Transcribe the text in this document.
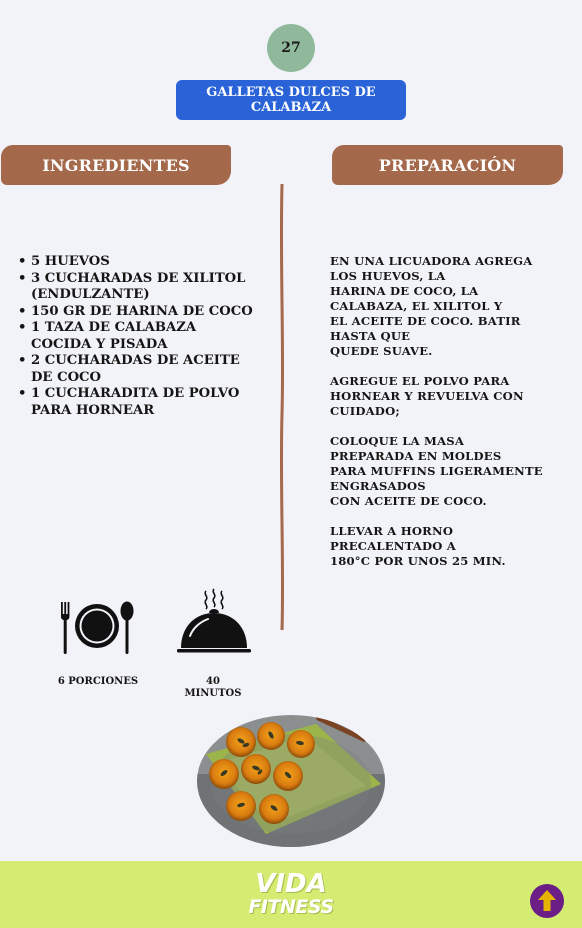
27
GALLETAS DULCES DE CALABAZA
INGREDIENTES	PREPARACIÓN
• 5 HUEVOS
• 3 CUCHARADAS DE XILITOL (ENDULZANTE)
• 150 GR DE HARINA DE COCO
• 1 TAZA DE CALABAZA COCIDA Y PISADA
• 2 CUCHARADAS DE ACEITE DE COCO
• 1 CUCHARADITA DE POLVO PARA HORNEAR

EN UNA LICUADORA AGREGA
LOS HUEVOS, LA
HARINA DE COCO, LA
CALABAZA, EL XILITOL Y
EL ACEITE DE COCO. BATIR
HASTA QUE
QUEDE SUAVE.

AGREGUE EL POLVO PARA
HORNEAR Y REVUELVA CON
CUIDADO;

COLOQUE LA MASA
PREPARADA EN MOLDES
PARA MUFFINS LIGERAMENTE
ENGRASADOS
CON ACEITE DE COCO.

LLEVAR A HORNO
PRECALENTADO A
180°C POR UNOS 25 MIN.

6 PORCIONES	40
MINUTOS
VIDA
FITNESS
